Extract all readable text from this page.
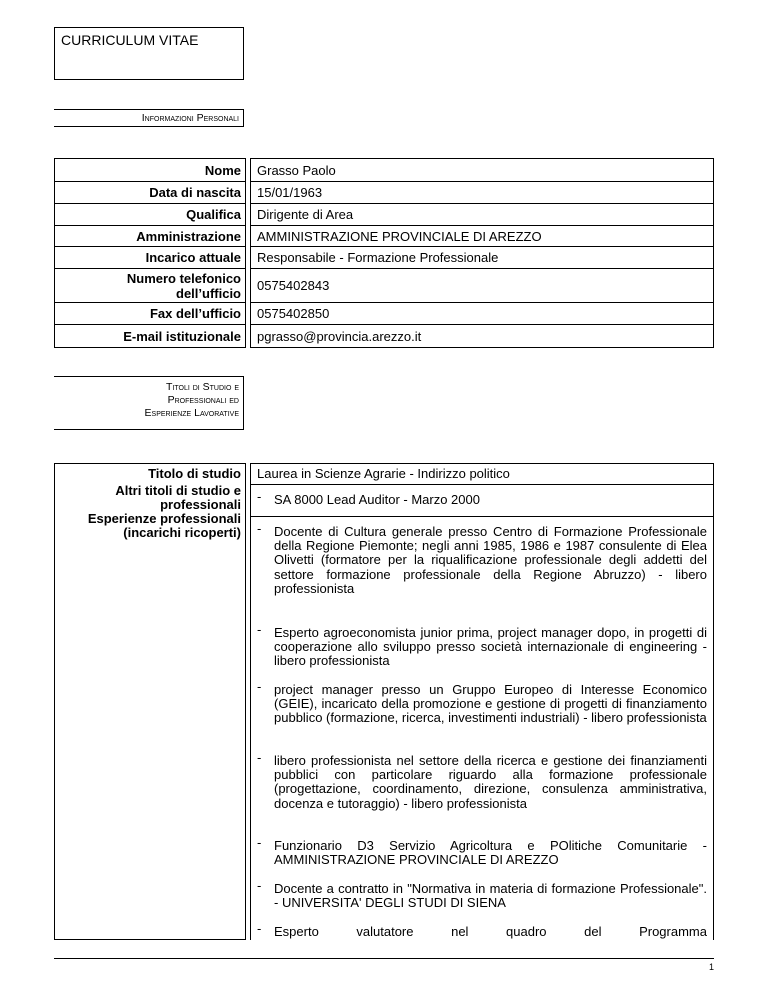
CURRICULUM VITAE
Informazioni Personali
Nome Grasso Paolo
Data di nascita 15/01/1963
Qualifica Dirigente di Area
Amministrazione AMMINISTRAZIONE PROVINCIALE DI AREZZO
Incarico attuale Responsabile - Formazione Professionale
Numero telefonico
dell’ufficio 0575402843
Fax dell’ufficio 0575402850
E-mail istituzionale pgrasso@provincia.arezzo.it
Titoli di Studio e
Professionali ed
Esperienze Lavorative
Titolo di studio
Altri titoli di studio e
professionali
Esperienze professionali
(incarichi ricoperti)
Laurea in Scienze Agrarie - Indirizzo politico
- SA 8000 Lead Auditor - Marzo 2000
- Docente di Cultura generale presso Centro di Formazione Professionale della Regione Piemonte; negli anni 1985, 1986 e 1987 consulente di Elea Olivetti (formatore per la riqualificazione professionale degli addetti del settore formazione professionale della Regione Abruzzo) - libero professionista
- Esperto agroeconomista junior prima, project manager dopo, in progetti di cooperazione allo sviluppo presso società internazionale di engineering - libero professionista
- project manager presso un Gruppo Europeo di Interesse Economico (GEIE), incaricato della promozione e gestione di progetti di finanziamento pubblico (formazione, ricerca, investimenti industriali) - libero professionista
- libero professionista nel settore della ricerca e gestione dei finanziamenti pubblici con particolare riguardo alla formazione professionale (progettazione, coordinamento, direzione, consulenza amministrativa, docenza e tutoraggio) - libero professionista
- Funzionario D3 Servizio Agricoltura e POlitiche Comunitarie - AMMINISTRAZIONE PROVINCIALE DI AREZZO
- Docente a contratto in "Normativa in materia di formazione Professionale". - UNIVERSITA' DEGLI STUDI DI SIENA
- Esperto valutatore nel quadro del Programma
1
